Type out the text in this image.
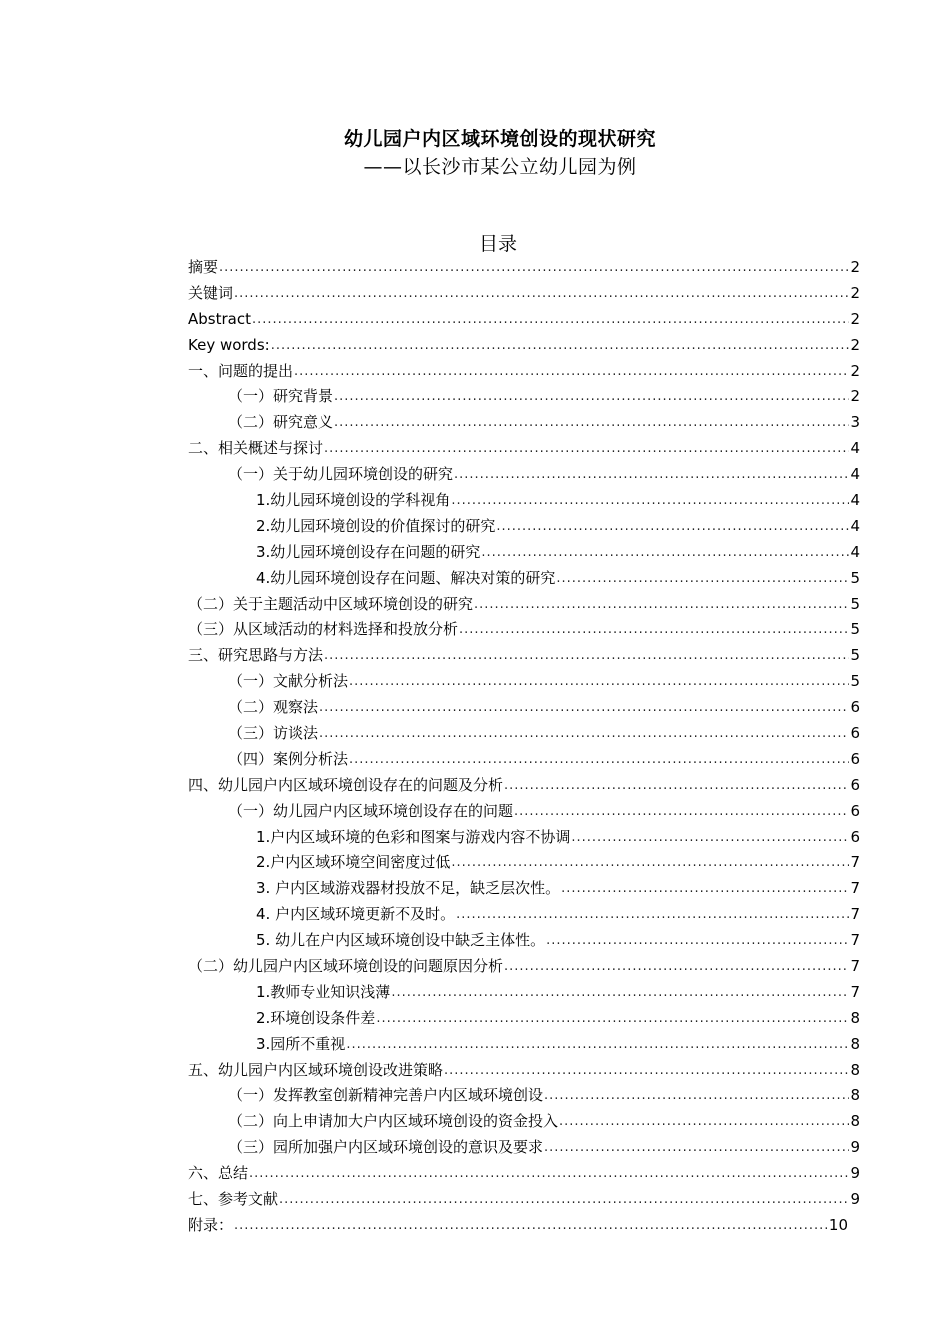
幼儿园户内区域环境创设的现状研究
——以长沙市某公立幼儿园为例
目录
摘要 .....	2
关键词 .....	2
Abstract .....	2
Key words: .....	2
一、问题的提出 .....	2
（一）研究背景 .....	2
（二）研究意义 .....	3
二、相关概述与探讨 .....	4
（一）关于幼儿园环境创设的研究 .....	4
1.幼儿园环境创设的学科视角 .....	4
2.幼儿园环境创设的价值探讨的研究 .....	4
3.幼儿园环境创设存在问题的研究 .....	4
4.幼儿园环境创设存在问题、解决对策的研究 .....	5
（二）关于主题活动中区域环境创设的研究 .....	5
（三）从区域活动的材料选择和投放分析 .....	5
三、研究思路与方法 .....	5
（一）文献分析法 .....	5
（二）观察法 .....	6
（三）访谈法 .....	6
（四）案例分析法 .....	6
四、幼儿园户内区域环境创设存在的问题及分析 .....	6
（一）幼儿园户内区域环境创设存在的问题 .....	6
1.户内区域环境的色彩和图案与游戏内容不协调 .....	6
2.户内区域环境空间密度过低 .....	7
3. 户内区域游戏器材投放不足，缺乏层次性。 .....	7
4. 户内区域环境更新不及时。 .....	7
5. 幼儿在户内区域环境创设中缺乏主体性。 .....	7
（二）幼儿园户内区域环境创设的问题原因分析 .....	7
1.教师专业知识浅薄 .....	7
2.环境创设条件差 .....	8
3.园所不重视 .....	8
五、幼儿园户内区域环境创设改进策略 .....	8
（一）发挥教室创新精神完善户内区域环境创设 .....	8
（二）向上申请加大户内区域环境创设的资金投入 .....	8
（三）园所加强户内区域环境创设的意识及要求 .....	9
六、总结 .....	9
七、参考文献 .....	9
附录： .....	10
